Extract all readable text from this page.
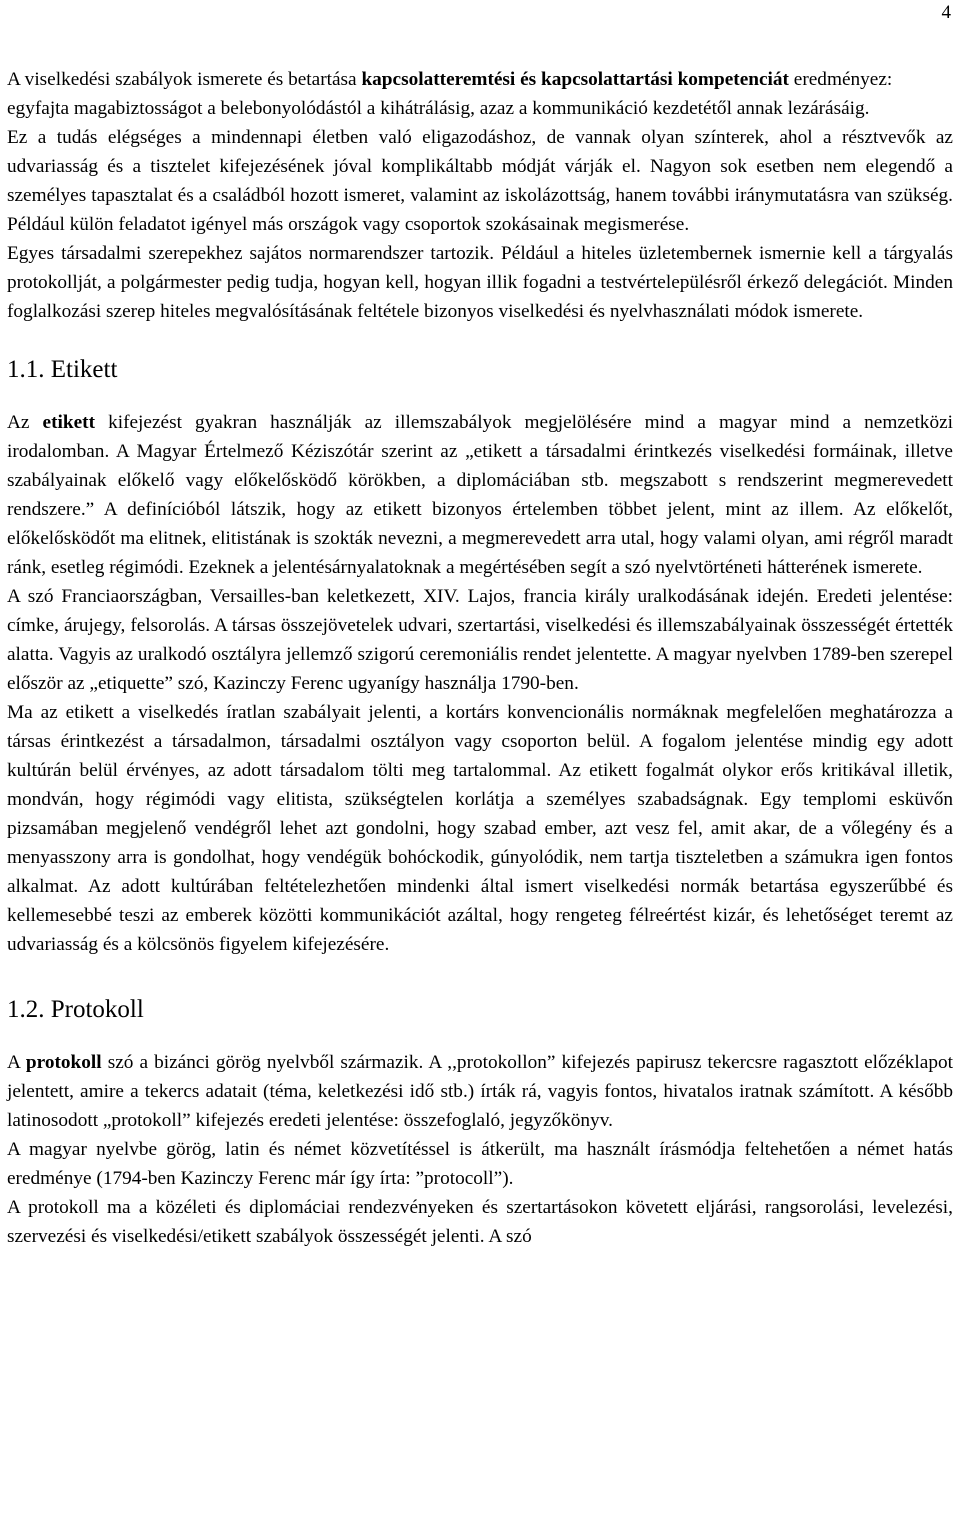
4

A viselkedési szabályok ismerete és betartása kapcsolatteremtési és kapcsolattartási kompetenciát eredményez: egyfajta magabiztosságot a belebonyolódástól a kihátrálásig, azaz a kommunikáció kezdetétől annak lezárásáig.

Ez a tudás elégséges a mindennapi életben való eligazodáshoz, de vannak olyan színterek, ahol a résztvevők az udvariasság és a tisztelet kifejezésének jóval komplikáltabb módját várják el. Nagyon sok esetben nem elegendő a személyes tapasztalat és a családból hozott ismeret, valamint az iskolázottság, hanem további iránymutatásra van szükség. Például külön feladatot igényel más országok vagy csoportok szokásainak megismerése.

Egyes társadalmi szerepekhez sajátos normarendszer tartozik. Például a hiteles üzletembernek ismernie kell a tárgyalás protokollját, a polgármester pedig tudja, hogyan kell, hogyan illik fogadni a testvértelepülésről érkező delegációt. Minden foglalkozási szerep hiteles megvalósításának feltétele bizonyos viselkedési és nyelvhasználati módok ismerete.

1.1. Etikett

Az etikett kifejezést gyakran használják az illemszabályok megjelölésére mind a magyar mind a nemzetközi irodalomban. A Magyar Értelmező Kéziszótár szerint az „etikett a társadalmi érintkezés viselkedési formáinak, illetve szabályainak előkelő vagy előkelősködő körökben, a diplomáciában stb. megszabott s rendszerint megmerevedett rendszere.” A definícióból látszik, hogy az etikett bizonyos értelemben többet jelent, mint az illem. Az előkelőt, előkelősködőt ma elitnek, elitistának is szokták nevezni, a megmerevedett arra utal, hogy valami olyan, ami régről maradt ránk, esetleg régimódi. Ezeknek a jelentésárnyalatoknak a megértésében segít a szó nyelvtörténeti hátterének ismerete.

A szó Franciaországban, Versailles-ban keletkezett, XIV. Lajos, francia király uralkodásának idején. Eredeti jelentése: címke, árujegy, felsorolás. A társas összejövetelek udvari, szertartási, viselkedési és illemszabályainak összességét értették alatta. Vagyis az uralkodó osztályra jellemző szigorú ceremoniális rendet jelentette. A magyar nyelvben 1789-ben szerepel először az „etiquette” szó, Kazinczy Ferenc ugyanígy használja 1790-ben.

Ma az etikett a viselkedés íratlan szabályait jelenti, a kortárs konvencionális normáknak megfelelően meghatározza a társas érintkezést a társadalmon, társadalmi osztályon vagy csoporton belül. A fogalom jelentése mindig egy adott kultúrán belül érvényes, az adott társadalom tölti meg tartalommal. Az etikett fogalmát olykor erős kritikával illetik, mondván, hogy régimódi vagy elitista, szükségtelen korlátja a személyes szabadságnak. Egy templomi esküvőn pizsamában megjelenő vendégről lehet azt gondolni, hogy szabad ember, azt vesz fel, amit akar, de a vőlegény és a menyasszony arra is gondolhat, hogy vendégük bohóckodik, gúnyolódik, nem tartja tiszteletben a számukra igen fontos alkalmat. Az adott kultúrában feltételezhetően mindenki által ismert viselkedési normák betartása egyszerűbbé és kellemesebbé teszi az emberek közötti kommunikációt azáltal, hogy rengeteg félreértést kizár, és lehetőséget teremt az udvariasság és a kölcsönös figyelem kifejezésére.

1.2. Protokoll

A protokoll szó a bizánci görög nyelvből származik. A ,,protokollon” kifejezés papirusz tekercsre ragasztott előzéklapot jelentett, amire a tekercs adatait (téma, keletkezési idő stb.) írták rá, vagyis fontos, hivatalos iratnak számított. A később latinosodott „protokoll” kifejezés eredeti jelentése: összefoglaló, jegyzőkönyv.

A magyar nyelvbe görög, latin és német közvetítéssel is átkerült, ma használt írásmódja feltehetően a német hatás eredménye (1794-ben Kazinczy Ferenc már így írta: ”protocoll”).

A protokoll ma a közéleti és diplomáciai rendezvényeken és szertartásokon követett eljárási, rangsorolási, levelezési, szervezési és viselkedési/etikett szabályok összességét jelenti. A szó
